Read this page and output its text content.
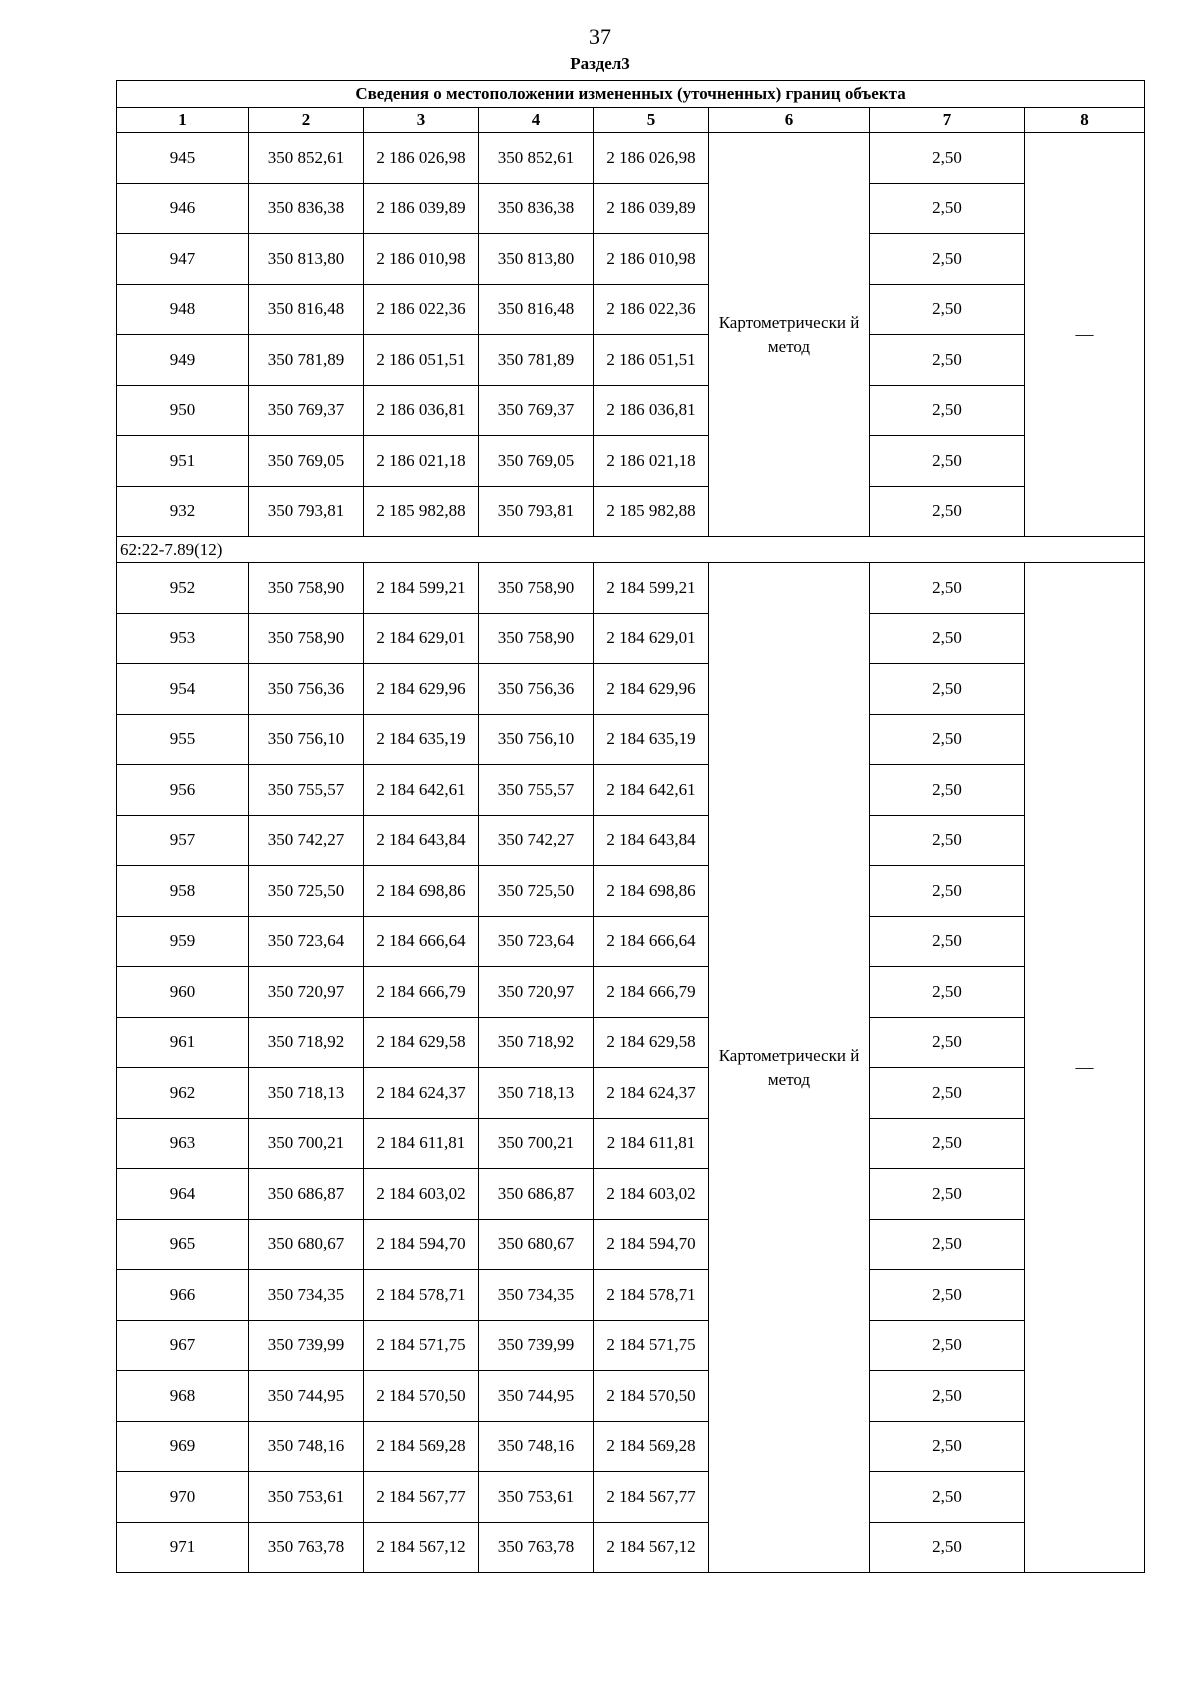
37
Раздел3
Сведения о местоположении измененных (уточненных) границ объекта							
1	2	3	4	5	6	7	8
945	350 852,61	2 186 026,98	350 852,61	2 186 026,98	Картометрически й метод	2,50	—
946	350 836,38	2 186 039,89	350 836,38	2 186 039,89		2,50	
947	350 813,80	2 186 010,98	350 813,80	2 186 010,98		2,50	
948	350 816,48	2 186 022,36	350 816,48	2 186 022,36		2,50	
949	350 781,89	2 186 051,51	350 781,89	2 186 051,51		2,50	
950	350 769,37	2 186 036,81	350 769,37	2 186 036,81		2,50	
951	350 769,05	2 186 021,18	350 769,05	2 186 021,18		2,50	
932	350 793,81	2 185 982,88	350 793,81	2 185 982,88		2,50	
62:22-7.89(12)							
952	350 758,90	2 184 599,21	350 758,90	2 184 599,21	Картометрически й метод	2,50	—
953	350 758,90	2 184 629,01	350 758,90	2 184 629,01		2,50	
954	350 756,36	2 184 629,96	350 756,36	2 184 629,96		2,50	
955	350 756,10	2 184 635,19	350 756,10	2 184 635,19		2,50	
956	350 755,57	2 184 642,61	350 755,57	2 184 642,61		2,50	
957	350 742,27	2 184 643,84	350 742,27	2 184 643,84		2,50	
958	350 725,50	2 184 698,86	350 725,50	2 184 698,86		2,50	
959	350 723,64	2 184 666,64	350 723,64	2 184 666,64		2,50	
960	350 720,97	2 184 666,79	350 720,97	2 184 666,79		2,50	
961	350 718,92	2 184 629,58	350 718,92	2 184 629,58		2,50	
962	350 718,13	2 184 624,37	350 718,13	2 184 624,37		2,50	
963	350 700,21	2 184 611,81	350 700,21	2 184 611,81		2,50	
964	350 686,87	2 184 603,02	350 686,87	2 184 603,02		2,50	
965	350 680,67	2 184 594,70	350 680,67	2 184 594,70		2,50	
966	350 734,35	2 184 578,71	350 734,35	2 184 578,71		2,50	
967	350 739,99	2 184 571,75	350 739,99	2 184 571,75		2,50	
968	350 744,95	2 184 570,50	350 744,95	2 184 570,50		2,50	
969	350 748,16	2 184 569,28	350 748,16	2 184 569,28		2,50	
970	350 753,61	2 184 567,77	350 753,61	2 184 567,77		2,50	
971	350 763,78	2 184 567,12	350 763,78	2 184 567,12		2,50	
